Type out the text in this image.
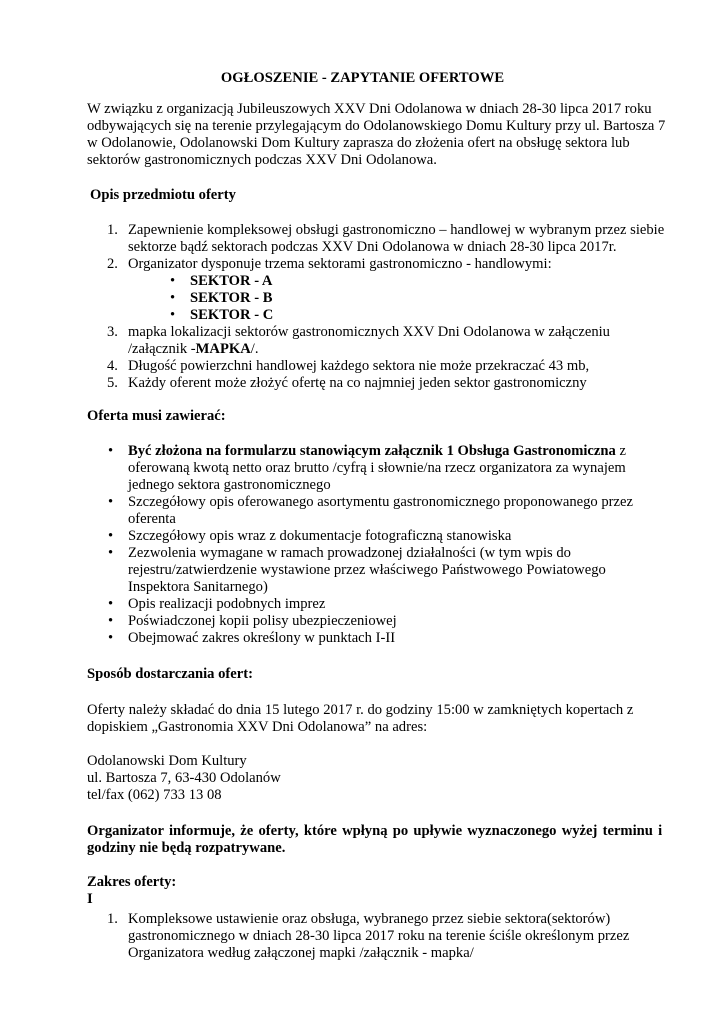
OGŁOSZENIE - ZAPYTANIE OFERTOWE

W związku z organizacją Jubileuszowych XXV Dni Odolanowa w dniach 28-30 lipca 2017 roku

odbywających się na terenie przylegającym do Odolanowskiego Domu Kultury przy ul. Bartosza 7

w Odolanowie, Odolanowski Dom Kultury zaprasza do złożenia ofert na obsługę sektora lub

sektorów gastronomicznych podczas XXV Dni Odolanowa.

Opis przedmiotu oferty
1. Zapewnienie kompleksowej obsługi gastronomiczno – handlowej w wybranym przez siebie

sektorze bądź sektorach podczas XXV Dni Odolanowa w dniach 28-30 lipca 2017r.

2. Organizator dysponuje trzema sektorami gastronomiczno - handlowymi:
• SEKTOR - A
• SEKTOR - B
• SEKTOR - C
3. mapka lokalizacji sektorów gastronomicznych XXV Dni Odolanowa w załączeniu

/załącznik -MAPKA/.

4. Długość powierzchni handlowej każdego sektora nie może przekraczać 43 mb,
5. Każdy oferent może złożyć ofertę na co najmniej jeden sektor gastronomiczny
Oferta musi zawierać:
• Być złożona na formularzu stanowiącym załącznik 1 Obsługa Gastronomiczna z

oferowaną kwotą netto oraz brutto /cyfrą i słownie/na rzecz organizatora za wynajem

jednego sektora gastronomicznego

• Szczegółowy opis oferowanego asortymentu gastronomicznego proponowanego przez

oferenta

• Szczegółowy opis wraz z dokumentacje fotograficzną stanowiska
• Zezwolenia wymagane w ramach prowadzonej działalności (w tym wpis do

rejestru/zatwierdzenie wystawione przez właściwego Państwowego Powiatowego

Inspektora Sanitarnego)

• Opis realizacji podobnych imprez
• Poświadczonej kopii polisy ubezpieczeniowej
• Obejmować zakres określony w punktach I-II
Sposób dostarczania ofert:

Oferty należy składać do dnia 15 lutego 2017 r. do godziny 15:00 w zamkniętych kopertach z

dopiskiem „Gastronomia XXV Dni Odolanowa” na adres:

Odolanowski Dom Kultury

ul. Bartosza 7, 63-430 Odolanów

tel/fax (062) 733 13 08

Organizator informuje, że oferty, które wpłyną po upływie wyznaczonego wyżej terminu i

godziny nie będą rozpatrywane.

Zakres oferty:

I

1. Kompleksowe ustawienie oraz obsługa, wybranego przez siebie sektora(sektorów)

gastronomicznego w dniach 28-30 lipca 2017 roku na terenie ściśle określonym przez

Organizatora według załączonej mapki /załącznik - mapka/
